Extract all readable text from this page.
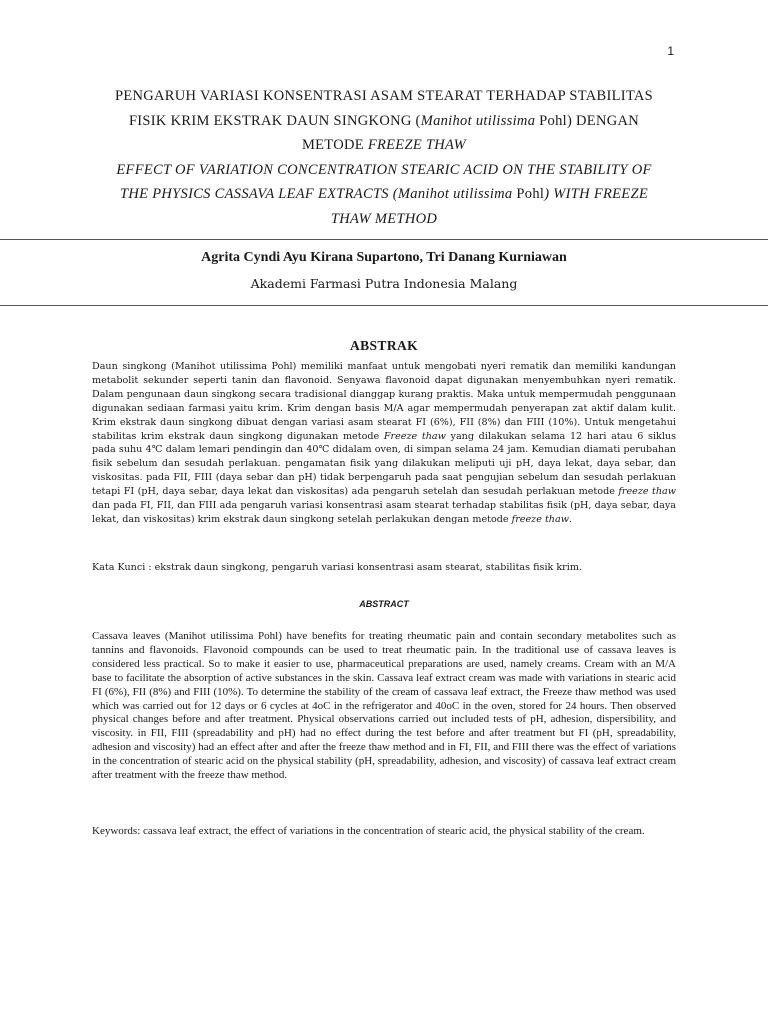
1
PENGARUH VARIASI KONSENTRASI ASAM STEARAT TERHADAP STABILITAS
FISIK KRIM EKSTRAK DAUN SINGKONG (Manihot utilissima Pohl) DENGAN
METODE FREEZE THAW
EFFECT OF VARIATION CONCENTRATION STEARIC ACID ON THE STABILITY OF
THE PHYSICS CASSAVA LEAF EXTRACTS (Manihot utilissima Pohl) WITH FREEZE
THAW METHOD
Agrita Cyndi Ayu Kirana Supartono, Tri Danang Kurniawan
Akademi Farmasi Putra Indonesia Malang
ABSTRAK

Daun singkong (Manihot utilissima Pohl) memiliki manfaat untuk mengobati nyeri rematik dan memiliki kandungan metabolit sekunder seperti tanin dan flavonoid. Senyawa flavonoid dapat digunakan menyembuhkan nyeri rematik. Dalam pengunaan daun singkong secara tradisional dianggap kurang praktis. Maka untuk mempermudah penggunaan digunakan sediaan farmasi yaitu krim. Krim dengan basis M/A agar mempermudah penyerapan zat aktif dalam kulit. Krim ekstrak daun singkong dibuat dengan variasi asam stearat FI (6%), FII (8%) dan FIII (10%). Untuk mengetahui stabilitas krim ekstrak daun singkong digunakan metode Freeze thaw yang dilakukan selama 12 hari atau 6 siklus pada suhu 4℃ dalam lemari pendingin dan 40℃ didalam oven, di simpan selama 24 jam. Kemudian diamati perubahan fisik sebelum dan sesudah perlakuan. pengamatan fisik yang dilakukan meliputi uji pH, daya lekat, daya sebar, dan viskositas. pada FII, FIII (daya sebar dan pH) tidak berpengaruh pada saat pengujian sebelum dan sesudah perlakuan tetapi FI (pH, daya sebar, daya lekat dan viskositas) ada pengaruh setelah dan sesudah perlakuan metode freeze thaw dan pada FI, FII, dan FIII ada pengaruh variasi konsentrasi asam stearat terhadap stabilitas fisik (pH, daya sebar, daya lekat, dan viskositas) krim ekstrak daun singkong setelah perlakukan dengan metode freeze thaw.

Kata Kunci : ekstrak daun singkong, pengaruh variasi konsentrasi asam stearat, stabilitas fisik krim.

ABSTRACT

Cassava leaves (Manihot utilissima Pohl) have benefits for treating rheumatic pain and contain secondary metabolites such as tannins and flavonoids. Flavonoid compounds can be used to treat rheumatic pain. In the traditional use of cassava leaves is considered less practical. So to make it easier to use, pharmaceutical preparations are used, namely creams. Cream with an M/A base to facilitate the absorption of active substances in the skin. Cassava leaf extract cream was made with variations in stearic acid FI (6%), FII (8%) and FIII (10%). To determine the stability of the cream of cassava leaf extract, the Freeze thaw method was used which was carried out for 12 days or 6 cycles at 4oC in the refrigerator and 40oC in the oven, stored for 24 hours. Then observed physical changes before and after treatment. Physical observations carried out included tests of pH, adhesion, dispersibility, and viscosity. in FII, FIII (spreadability and pH) had no effect during the test before and after treatment but FI (pH, spreadability, adhesion and viscosity) had an effect after and after the freeze thaw method and in FI, FII, and FIII there was the effect of variations in the concentration of stearic acid on the physical stability (pH, spreadability, adhesion, and viscosity) of cassava leaf extract cream after treatment with the freeze thaw method.

Keywords: cassava leaf extract, the effect of variations in the concentration of stearic acid, the physical stability of the cream.
